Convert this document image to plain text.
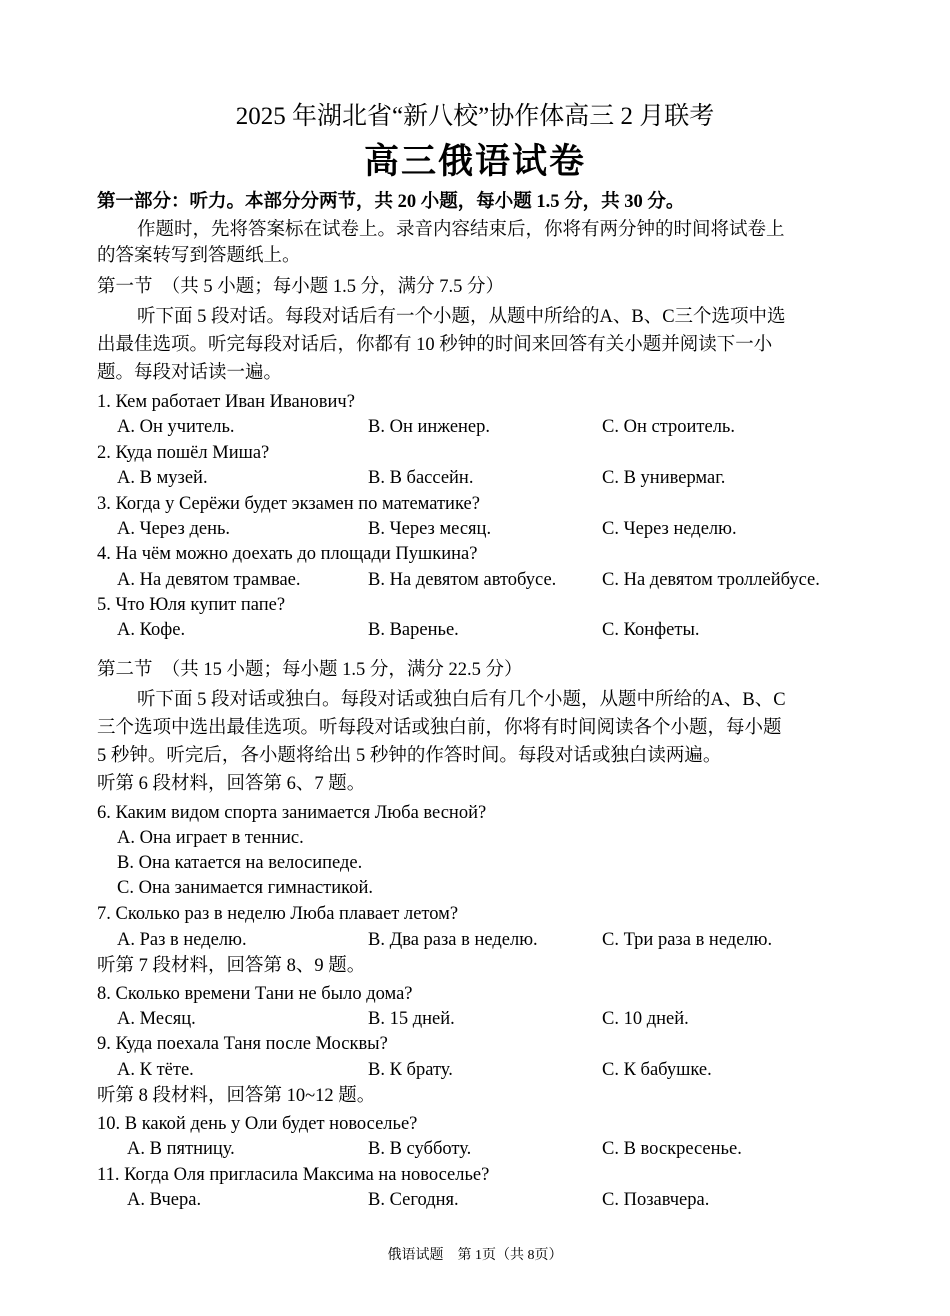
2025 年湖北省“新八校”协作体高三 2 月联考
高三俄语试卷
第一部分：听力。本部分分两节，共 20 小题，每小题 1.5 分，共 30 分。
作题时，先将答案标在试卷上。录音内容结束后，你将有两分钟的时间将试卷上
的答案转写到答题纸上。
第一节　（共 5 小题；每小题 1.5 分，满分 7.5 分）
听下面 5 段对话。每段对话后有一个小题，从题中所给的A、B、C三个选项中选
出最佳选项。听完每段对话后，你都有 10 秒钟的时间来回答有关小题并阅读下一小
题。每段对话读一遍。
1. Кем работает Иван Иванович?
A. Он учитель.	B. Он инженер.	C. Он строитель.
2. Куда пошёл Миша?
A. В музей.	B. В бассейн.	C. В универмаг.
3. Когда у Серёжи будет экзамен по математике?
A. Через день.	B. Через месяц.	C. Через неделю.
4. На чём можно доехать до площади Пушкина?
A. На девятом трамвае.	B. На девятом автобусе. C. На девятом троллейбусе.
5. Что Юля купит папе?
A. Кофе.	B. Варенье.	C. Конфеты.
第二节　（共 15 小题；每小题 1.5 分，满分 22.5 分）
听下面 5 段对话或独白。每段对话或独白后有几个小题，从题中所给的A、B、C
三个选项中选出最佳选项。听每段对话或独白前，你将有时间阅读各个小题，每小题
5 秒钟。听完后，各小题将给出 5 秒钟的作答时间。每段对话或独白读两遍。
听第 6 段材料，回答第 6、7 题。
6. Каким видом спорта занимается Люба весной?
A. Она играет в теннис.
B. Она катается на велосипеде.
C. Она занимается гимнастикой.
7. Сколько раз в неделю Люба плавает летом?
A. Раз в неделю.	B. Два раза в неделю.	C. Три раза в неделю.
听第 7 段材料，回答第 8、9 题。
8. Сколько времени Тани не было дома?
A. Месяц.	B. 15 дней.	C. 10 дней.
9. Куда поехала Таня после Москвы?
A. К тёте.	B. К брату.	C. К бабушке.
听第 8 段材料，回答第 10~12 题。
10. В какой день у Оли будет новоселье?
A. В пятницу.	B. В субботу.	C. В воскресенье.
11. Когда Оля пригласила Максима на новоселье?
A. Вчера.	B. Сегодня.	C. Позавчера.
俄语试题　第 1页（共 8页）
